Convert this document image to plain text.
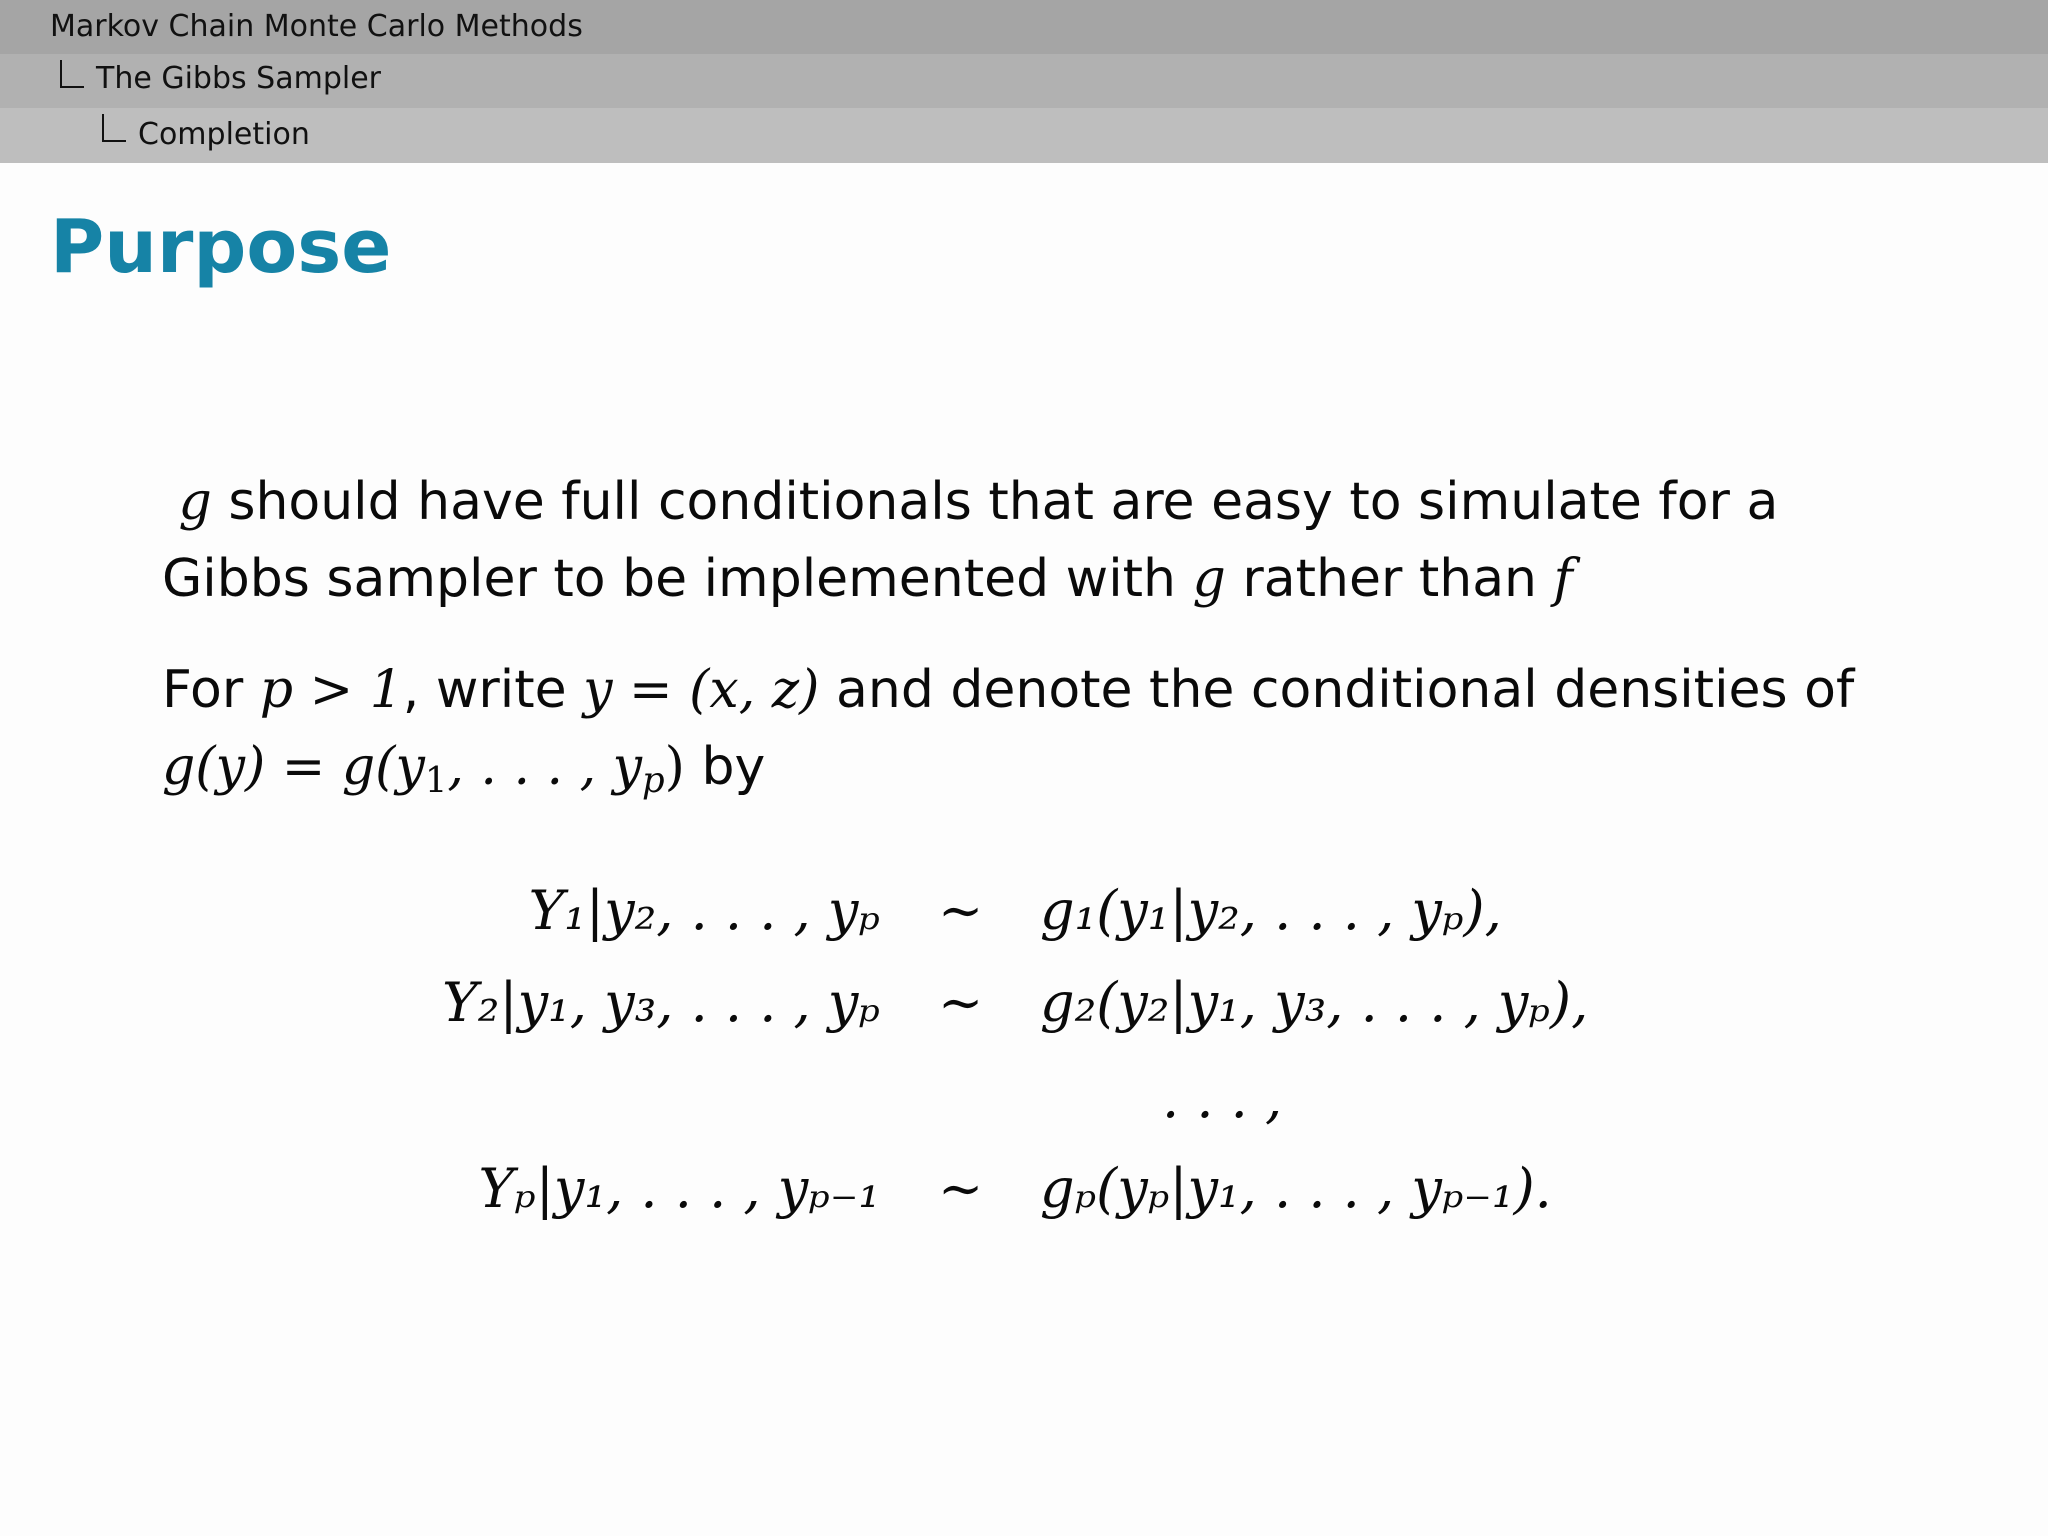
Markov Chain Monte Carlo Methods
The Gibbs Sampler
Completion
Purpose
g should have full conditionals that are easy to simulate for a
Gibbs sampler to be implemented with g rather than f
For p > 1, write y = (x, z) and denote the conditional densities of
$g(y) = g(y_1$, . . . , $y_p$) by
Y₁|y₂, . . . , yₚ ∼ g₁(y₁|y₂, . . . , yₚ),
Y₂|y₁, y₃, . . . , yₚ ∼ g₂(y₂|y₁, y₃, . . . , yₚ),
. . . ,
Yₚ|y₁, . . . , yₚ₋₁ ∼ gₚ(yₚ|y₁, . . . , yₚ₋₁).
